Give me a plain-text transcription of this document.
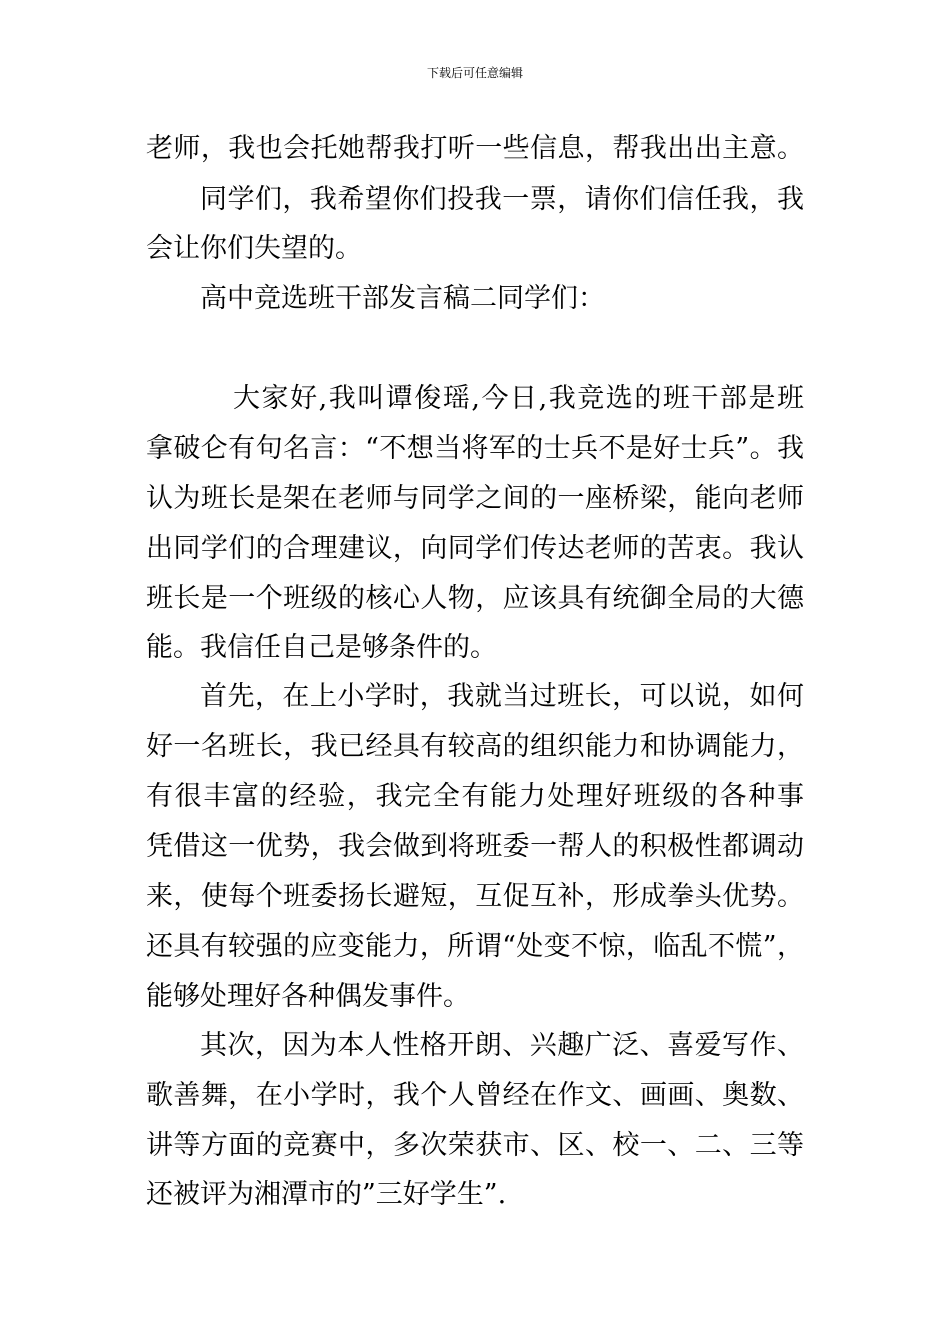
下载后可任意编辑
老师，我也会托她帮我打听一些信息，帮我出出主意。
同学们，我希望你们投我一票，请你们信任我，我
会让你们失望的。
高中竞选班干部发言稿二同学们：
大家好,我叫谭俊瑶,今日,我竞选的班干部是班
拿破仑有句名言：“不想当将军的士兵不是好士兵”。我
认为班长是架在老师与同学之间的一座桥梁，能向老师
出同学们的合理建议，向同学们传达老师的苦衷。我认
班长是一个班级的核心人物，应该具有统御全局的大德
能。我信任自己是够条件的。
首先，在上小学时，我就当过班长，可以说，如何
好一名班长，我已经具有较高的组织能力和协调能力，
有很丰富的经验，我完全有能力处理好班级的各种事
凭借这一优势，我会做到将班委一帮人的积极性都调动
来，使每个班委扬长避短，互促互补，形成拳头优势。
还具有较强的应变能力，所谓“处变不惊，临乱不慌”，
能够处理好各种偶发事件。
其次，因为本人性格开朗、兴趣广泛、喜爱写作、
歌善舞，在小学时，我个人曾经在作文、画画、奥数、
讲等方面的竞赛中，多次荣获市、区、校一、二、三等
还被评为湘潭市的”三好学生”.
